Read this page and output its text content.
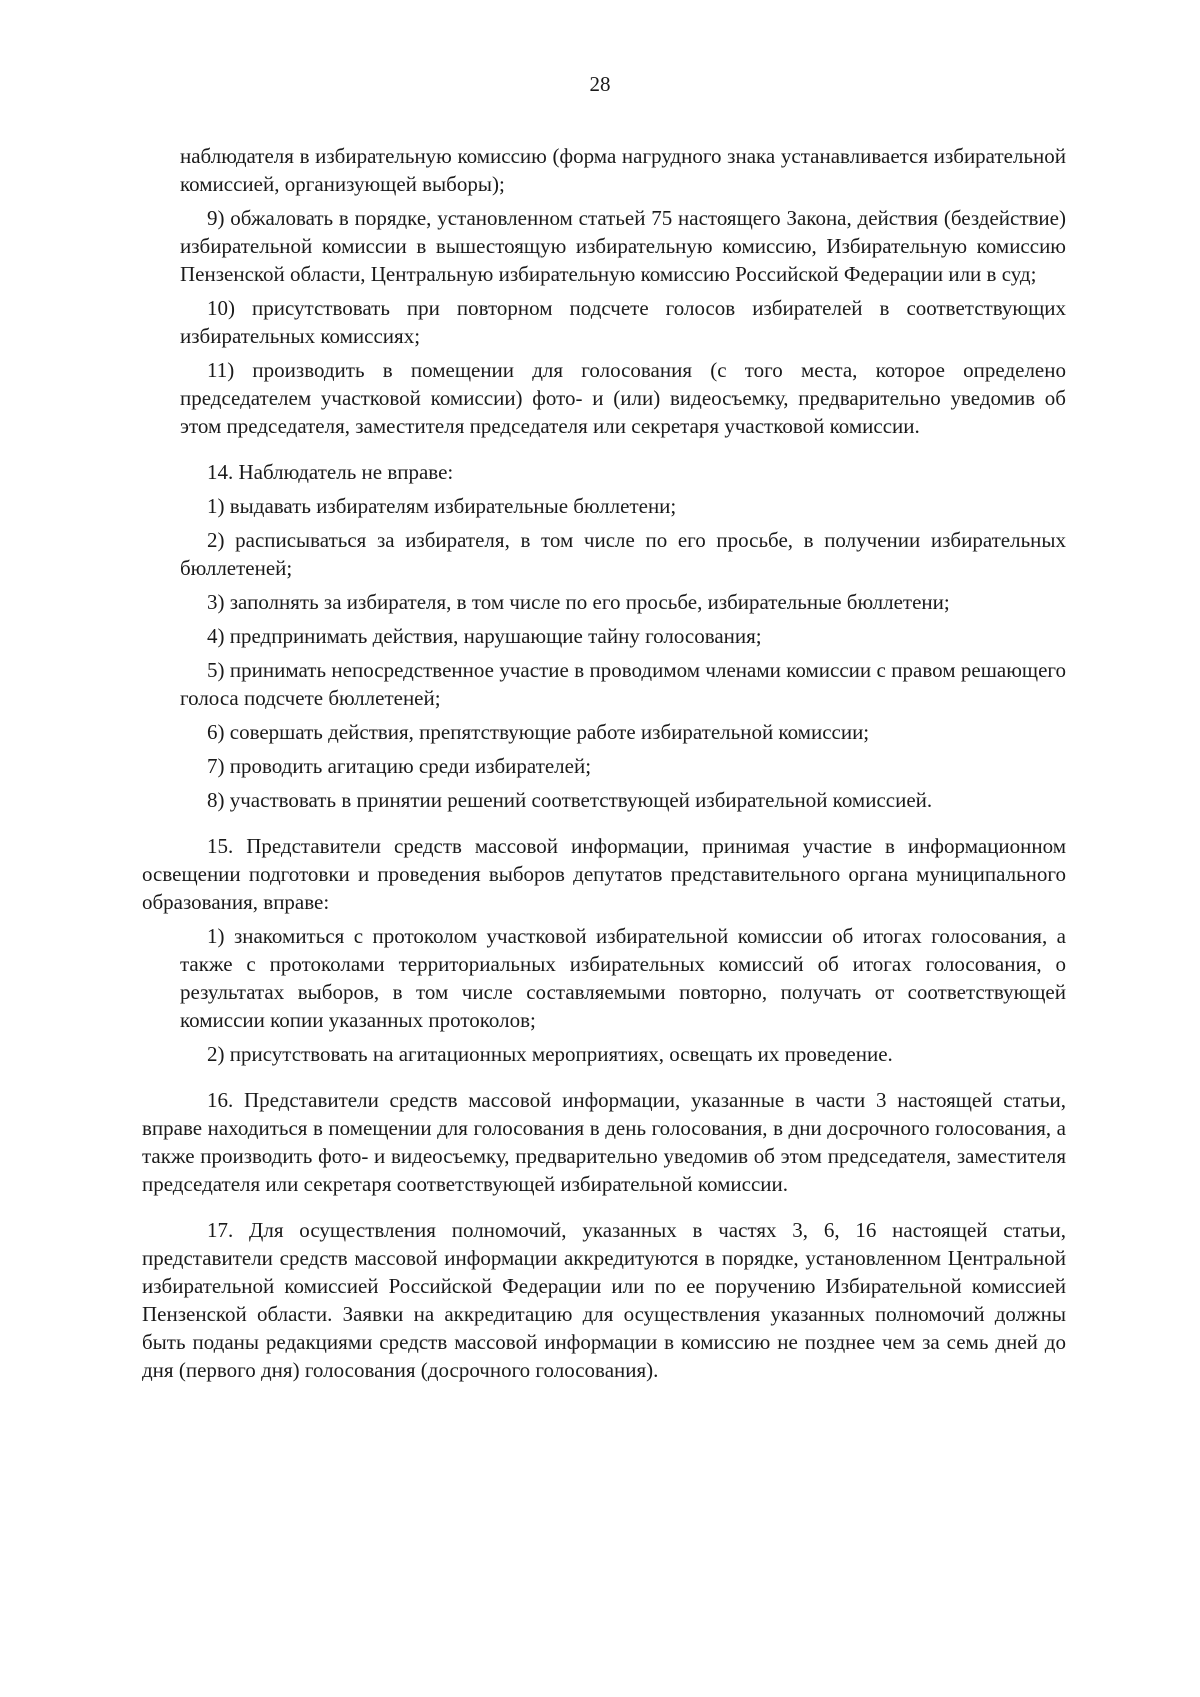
28

наблюдателя в избирательную комиссию (форма нагрудного знака устанавливается избирательной комиссией, организующей выборы);

9) обжаловать в порядке, установленном статьей 75 настоящего Закона, действия (бездействие) избирательной комиссии в вышестоящую избирательную комиссию, Избирательную комиссию Пензенской области, Центральную избирательную комиссию Российской Федерации или в суд;

10) присутствовать при повторном подсчете голосов избирателей в соответствующих избирательных комиссиях;

11) производить в помещении для голосования (с того места, которое определено председателем участковой комиссии) фото- и (или) видеосъемку, предварительно уведомив об этом председателя, заместителя председателя или секретаря участковой комиссии.

14. Наблюдатель не вправе:

1) выдавать избирателям избирательные бюллетени;

2) расписываться за избирателя, в том числе по его просьбе, в получении избирательных бюллетеней;

3) заполнять за избирателя, в том числе по его просьбе, избирательные бюллетени;

4) предпринимать действия, нарушающие тайну голосования;

5) принимать непосредственное участие в проводимом членами комиссии с правом решающего голоса подсчете бюллетеней;

6) совершать действия, препятствующие работе избирательной комиссии;

7) проводить агитацию среди избирателей;

8) участвовать в принятии решений соответствующей избирательной комиссией.

15. Представители средств массовой информации, принимая участие в информационном освещении подготовки и проведения выборов депутатов представительного органа муниципального образования, вправе:

1) знакомиться с протоколом участковой избирательной комиссии об итогах голосования, а также с протоколами территориальных избирательных комиссий об итогах голосования, о результатах выборов, в том числе составляемыми повторно, получать от соответствующей комиссии копии указанных протоколов;

2) присутствовать на агитационных мероприятиях, освещать их проведение.

16. Представители средств массовой информации, указанные в части 3 настоящей статьи, вправе находиться в помещении для голосования в день голосования, в дни досрочного голосования, а также производить фото- и видеосъемку, предварительно уведомив об этом председателя, заместителя председателя или секретаря соответствующей избирательной комиссии.

17. Для осуществления полномочий, указанных в частях 3, 6, 16 настоящей статьи, представители средств массовой информации аккредитуются в порядке, установленном Центральной избирательной комиссией Российской Федерации или по ее поручению Избирательной комиссией Пензенской области. Заявки на аккредитацию для осуществления указанных полномочий должны быть поданы редакциями средств массовой информации в комиссию не позднее чем за семь дней до дня (первого дня) голосования (досрочного голосования).
